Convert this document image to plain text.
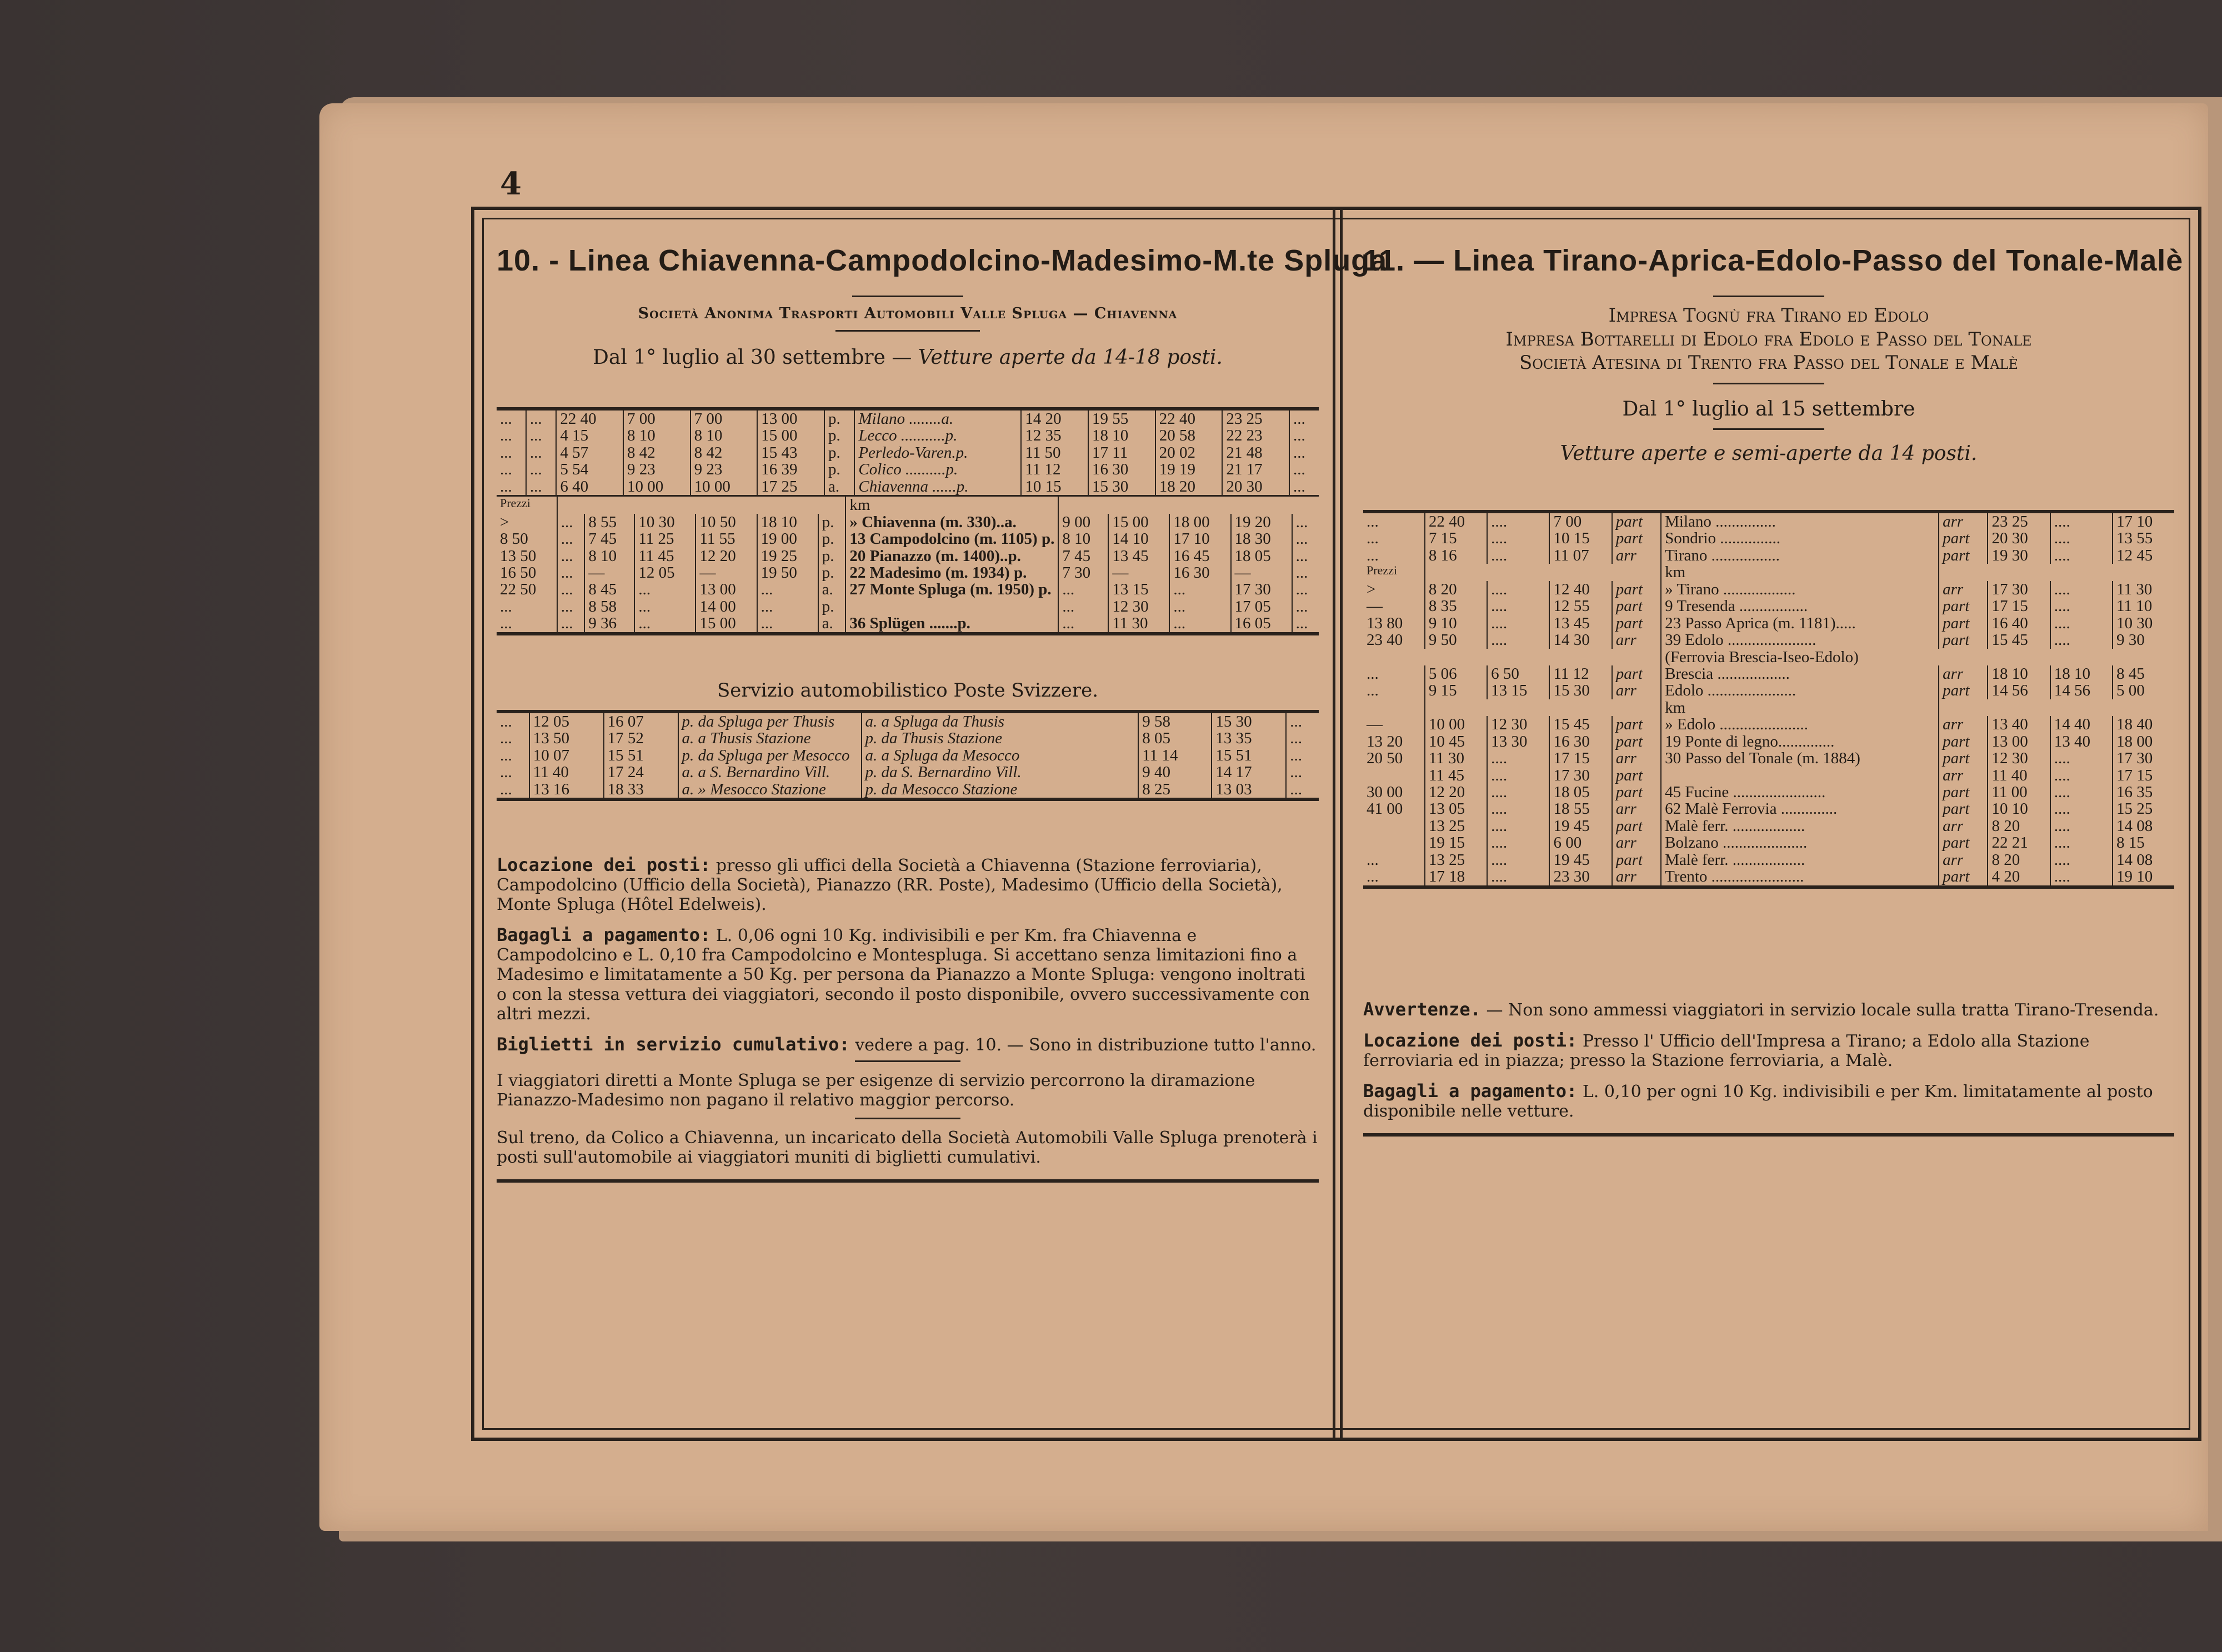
4
10. - Linea Chiavenna-Campodolcino-Madesimo-M.te Spluga
Società Anonima Trasporti Automobili Valle Spluga — Chiavenna
Dal 1° luglio al 30 settembre — Vetture aperte da 14-18 posti.
...	...	22 40	7 00	7 00	13 00	p.	Milano ........a.	14 20	19 55	22 40	23 25	...
...	...	4 15	8 10	8 10	15 00	p.	Lecco ...........p.	12 35	18 10	20 58	22 23	...
...	...	4 57	8 42	8 42	15 43	p.	Perledo-Varen.p.	11 50	17 11	20 02	21 48	...
...	...	5 54	9 23	9 23	16 39	p.	Colico ..........p.	11 12	16 30	19 19	21 17	...
...	...	6 40	10 00	10 00	17 25	a.	Chiavenna ......p.	10 15	15 30	18 20	20 30	...
Prezzi							km					
>	...	8 55	10 30	10 50	18 10	p.	» Chiavenna (m. 330)..a.	9 00	15 00	18 00	19 20	...
8 50	...	7 45	11 25	11 55	19 00	p.	13 Campodolcino (m. 1105) p.	8 10	14 10	17 10	18 30	...
13 50	...	8 10	11 45	12 20	19 25	p.	20 Pianazzo (m. 1400)..p.	7 45	13 45	16 45	18 05	...
16 50	...	—	12 05	—	19 50	p.	22 Madesimo (m. 1934) p.	7 30	—	16 30	—	...
22 50	...	8 45	...	13 00	...	a.	27 Monte Spluga (m. 1950) p.	...	13 15	...	17 30	...
...	...	8 58	...	14 00	...	p.		...	12 30	...	17 05	...
...	...	9 36	...	15 00	...	a.	36 Splügen .......p.	...	11 30	...	16 05	...
Servizio automobilistico Poste Svizzere.
...	12 05	16 07	p. da Spluga per Thusis	a. a Spluga da Thusis	9 58	15 30	...
...	13 50	17 52	a. a Thusis Stazione	p. da Thusis Stazione	8 05	13 35	...
...	10 07	15 51	p. da Spluga per Mesocco	a. a Spluga da Mesocco	11 14	15 51	...
...	11 40	17 24	a. a S. Bernardino Vill.	p. da S. Bernardino Vill.	9 40	14 17	...
...	13 16	18 33	a. » Mesocco Stazione	p. da Mesocco Stazione	8 25	13 03	...

Locazione dei posti: presso gli uffici della Società a Chiavenna (Stazione ferroviaria), Campodolcino (Ufficio della Società), Pianazzo (RR. Poste), Madesimo (Ufficio della Società), Monte Spluga (Hôtel Edelweis).

Bagagli a pagamento: L. 0,06 ogni 10 Kg. indivisibili e per Km. fra Chiavenna e Campodolcino e L. 0,10 fra Campodolcino e Montespluga. Si accettano senza limitazioni fino a Madesimo e limitatamente a 50 Kg. per persona da Pianazzo a Monte Spluga: vengono inoltrati o con la stessa vettura dei viaggiatori, secondo il posto disponibile, ovvero successivamente con altri mezzi.

Biglietti in servizio cumulativo: vedere a pag. 10. — Sono in distribuzione tutto l'anno.

I viaggiatori diretti a Monte Spluga se per esigenze di servizio percorrono la diramazione Pianazzo-Madesimo non pagano il relativo maggior percorso.

Sul treno, da Colico a Chiavenna, un incaricato della Società Automobili Valle Spluga prenoterà i posti sull'automobile ai viaggiatori muniti di biglietti cumulativi.

11. — Linea Tirano-Aprica-Edolo-Passo del Tonale-Malè
Impresa Tognù fra Tirano ed Edolo
Impresa Bottarelli di Edolo fra Edolo e Passo del Tonale
Società Atesina di Trento fra Passo del Tonale e Malè
Dal 1° luglio al 15 settembre
Vetture aperte e semi-aperte da 14 posti.
...	22 40	....	7 00	part	Milano ...............	arr	23 25	....	17 10
...	7 15	....	10 15	part	Sondrio ...............	part	20 30	....	13 55
...	8 16	....	11 07	arr	Tirano .................	part	19 30	....	12 45
Prezzi					km				
>	8 20	....	12 40	part	» Tirano ..................	arr	17 30	....	11 30
—	8 35	....	12 55	part	9 Tresenda .................	part	17 15	....	11 10
13 80	9 10	....	13 45	part	23 Passo Aprica (m. 1181).....	part	16 40	....	10 30
23 40	9 50	....	14 30	arr	39 Edolo ......................	part	15 45	....	9 30
					(Ferrovia Brescia-Iseo-Edolo)				
...	5 06	6 50	11 12	part	Brescia ..................	arr	18 10	18 10	8 45
...	9 15	13 15	15 30	arr	Edolo ......................	part	14 56	14 56	5 00
					km				
—	10 00	12 30	15 45	part	» Edolo ......................	arr	13 40	14 40	18 40
13 20	10 45	13 30	16 30	part	19 Ponte di legno..............	part	13 00	13 40	18 00
20 50	11 30	....	17 15	arr	30 Passo del Tonale (m. 1884)	part	12 30	....	17 30
	11 45	....	17 30	part		arr	11 40	....	17 15
30 00	12 20	....	18 05	part	45 Fucine .......................	part	11 00	....	16 35
41 00	13 05	....	18 55	arr	62 Malè Ferrovia ..............	part	10 10	....	15 25
	13 25	....	19 45	part	Malè ferr. ..................	arr	8 20	....	14 08
	19 15	....	6 00	arr	Bolzano .....................	part	22 21	....	8 15
...	13 25	....	19 45	part	Malè ferr. ..................	arr	8 20	....	14 08
...	17 18	....	23 30	arr	Trento .......................	part	4 20	....	19 10

Avvertenze. — Non sono ammessi viaggiatori in servizio locale sulla tratta Tirano-Tresenda.

Locazione dei posti: Presso l' Ufficio dell'Impresa a Tirano; a Edolo alla Stazione ferroviaria ed in piazza; presso la Stazione ferroviaria, a Malè.

Bagagli a pagamento: L. 0,10 per ogni 10 Kg. indivisibili e per Km. limitatamente al posto disponibile nelle vetture.
